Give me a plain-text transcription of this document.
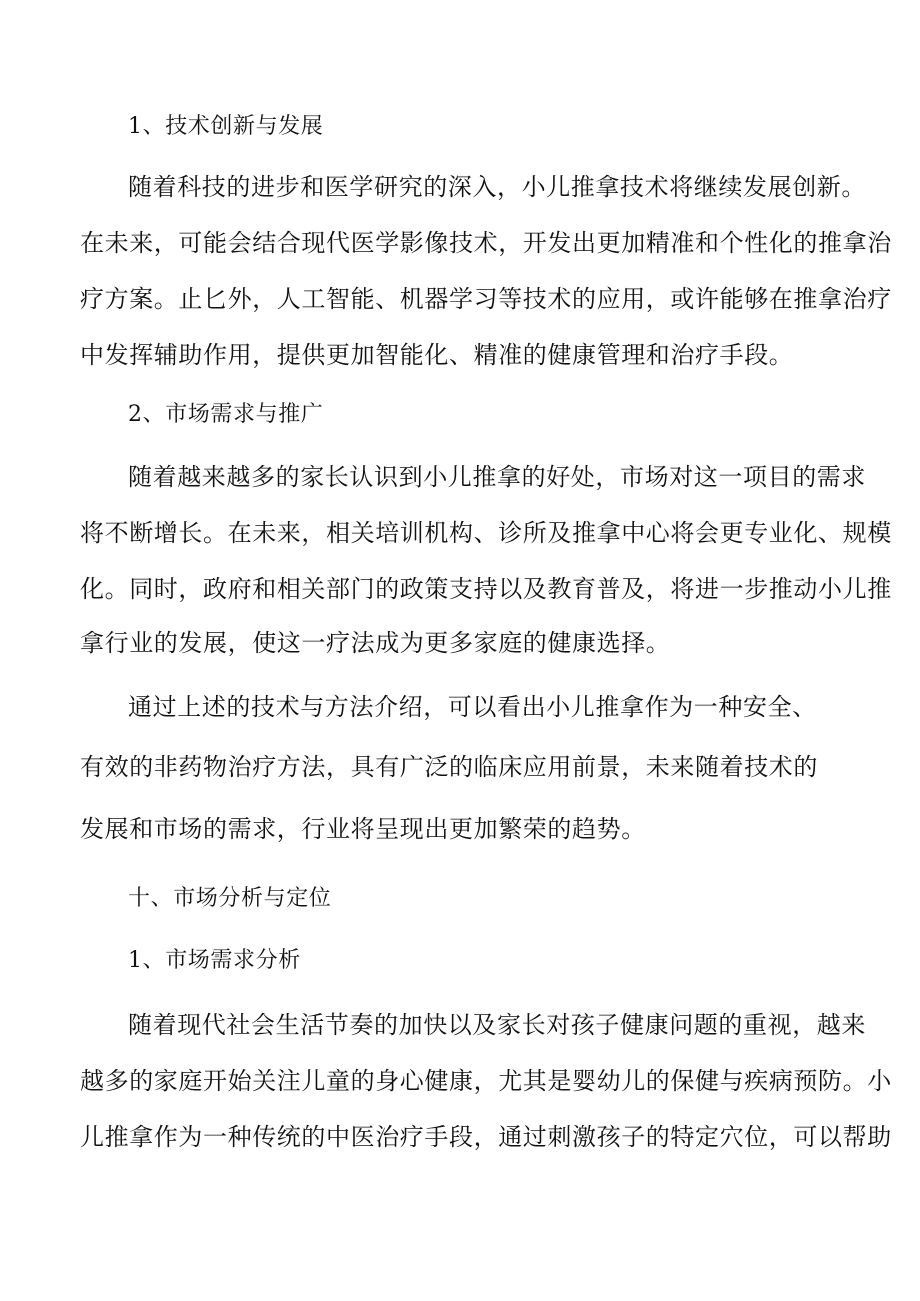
1、技术创新与发展
随着科技的进步和医学研究的深入，小儿推拿技术将继续发展创新。
在未来，可能会结合现代医学影像技术，开发出更加精准和个性化的推拿治
疗方案。止匕外，人工智能、机器学习等技术的应用，或许能够在推拿治疗
中发挥辅助作用，提供更加智能化、精准的健康管理和治疗手段。
2、市场需求与推广
随着越来越多的家长认识到小儿推拿的好处，市场对这一项目的需求
将不断增长。在未来，相关培训机构、诊所及推拿中心将会更专业化、规模
化。同时，政府和相关部门的政策支持以及教育普及，将进一步推动小儿推
拿行业的发展，使这一疗法成为更多家庭的健康选择。
通过上述的技术与方法介绍，可以看出小儿推拿作为一种安全、
有效的非药物治疗方法，具有广泛的临床应用前景，未来随着技术的
发展和市场的需求，行业将呈现出更加繁荣的趋势。
十、市场分析与定位
1、市场需求分析
随着现代社会生活节奏的加快以及家长对孩子健康问题的重视，越来
越多的家庭开始关注儿童的身心健康，尤其是婴幼儿的保健与疾病预防。小
儿推拿作为一种传统的中医治疗手段，通过刺激孩子的特定穴位，可以帮助
